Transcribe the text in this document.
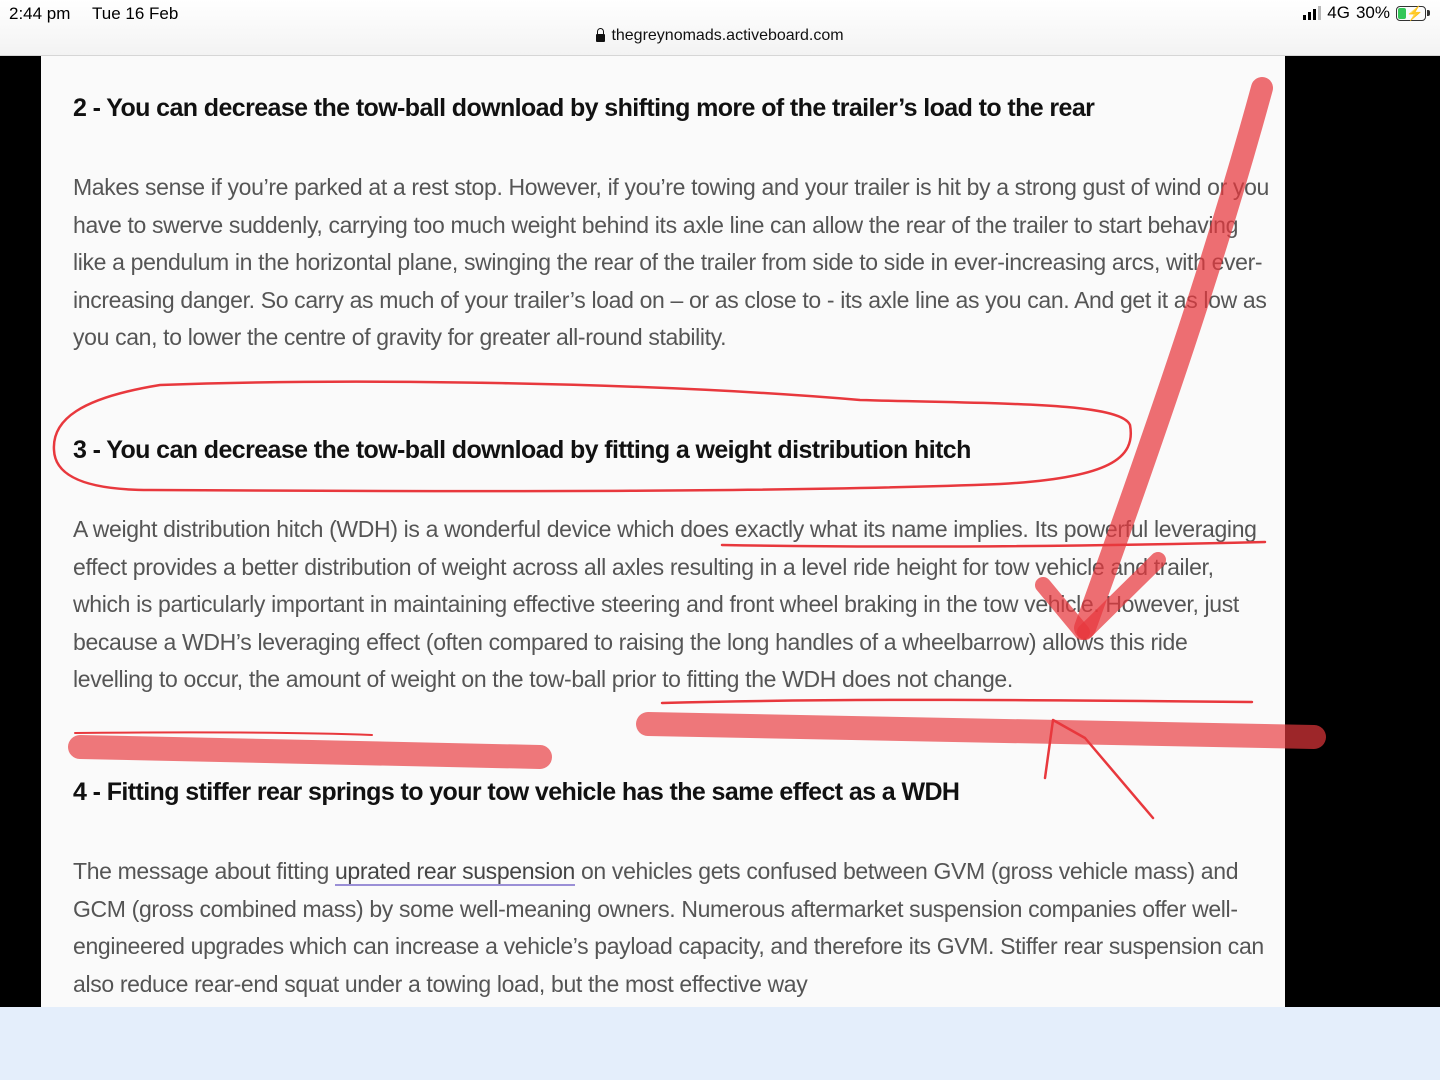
2:44 pm Tue 16 Feb	4G 30% ⚡
thegreynomads.activeboard.com
2 - You can decrease the tow-ball download by shifting more of the trailer’s load to the rear

Makes sense if you’re parked at a rest stop. However, if you’re towing and your trailer is hit by a strong gust of wind or you have to swerve suddenly, carrying too much weight behind its axle line can allow the rear of the trailer to start behaving like a pendulum in the horizontal plane, swinging the rear of the trailer from side to side in ever-increasing arcs, with ever-increasing danger. So carry as much of your trailer’s load on – or as close to - its axle line as you can. And get it as low as you can, to lower the centre of gravity for greater all-round stability.

3 - You can decrease the tow-ball download by fitting a weight distribution hitch

A weight distribution hitch (WDH) is a wonderful device which does exactly what its name implies. Its powerful leveraging effect provides a better distribution of weight across all axles resulting in a level ride height for tow vehicle and trailer, which is particularly important in maintaining effective steering and front wheel braking in the tow vehicle. However, just because a WDH’s leveraging effect (often compared to raising the long handles of a wheelbarrow) allows this ride levelling to occur, the amount of weight on the tow-ball prior to fitting the WDH does not change.

4 - Fitting stiffer rear springs to your tow vehicle has the same effect as a WDH

The message about fitting uprated rear suspension on vehicles gets confused between GVM (gross vehicle mass) and GCM (gross combined mass) by some well-meaning owners. Numerous aftermarket suspension companies offer well-engineered upgrades which can increase a vehicle’s payload capacity, and therefore its GVM. Stiffer rear suspension can also reduce rear-end squat under a towing load, but the most effective way
